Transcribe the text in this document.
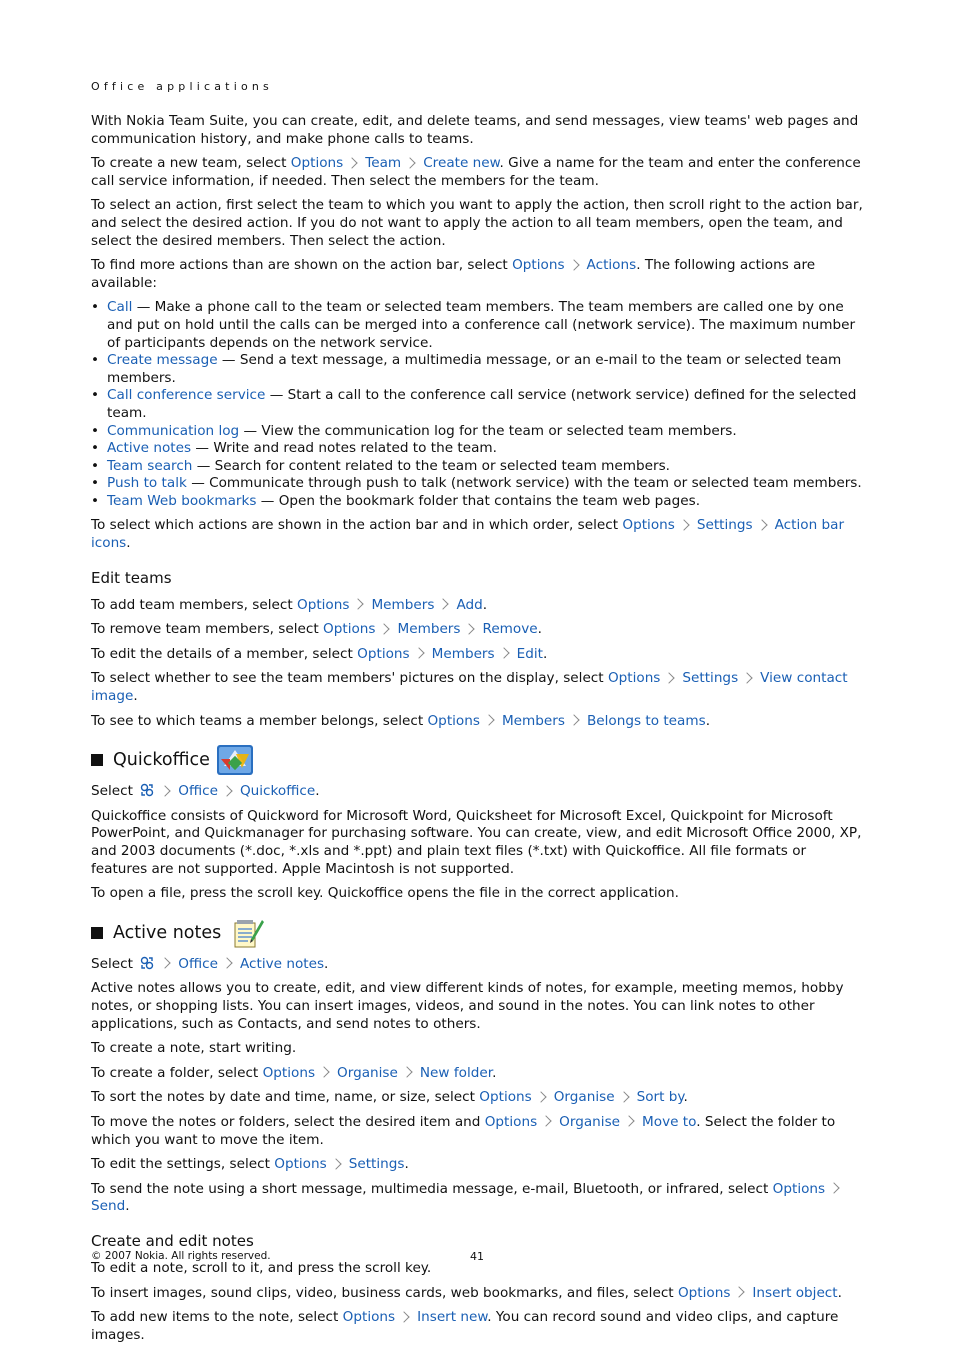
Office applications

With Nokia Team Suite, you can create, edit, and delete teams, and send messages, view teams' web pages and communication history, and make phone calls to teams.

To create a new team, select Options Team Create new. Give a name for the team and enter the conference call service information, if needed. Then select the members for the team.

To select an action, first select the team to which you want to apply the action, then scroll right to the action bar, and select the desired action. If you do not want to apply the action to all team members, open the team, and select the desired members. Then select the action.

To find more actions than are shown on the action bar, select Options Actions. The following actions are available:

• Call — Make a phone call to the team or selected team members. The team members are called one by one and put on hold until the calls can be merged into a conference call (network service). The maximum number of participants depends on the network service.
• Create message — Send a text message, a multimedia message, or an e-mail to the team or selected team members.
• Call conference service — Start a call to the conference call service (network service) defined for the selected team.
• Communication log — View the communication log for the team or selected team members.
• Active notes — Write and read notes related to the team.
• Team search — Search for content related to the team or selected team members.
• Push to talk — Communicate through push to talk (network service) with the team or selected team members.
• Team Web bookmarks — Open the bookmark folder that contains the team web pages.

To select which actions are shown in the action bar and in which order, select Options Settings Action bar icons.

Edit teams

To add team members, select Options Members Add.

To remove team members, select Options Members Remove.

To edit the details of a member, select Options Members Edit.

To select whether to see the team members' pictures on the display, select Options Settings View contact image.

To see to which teams a member belongs, select Options Members Belongs to teams.

Quickoffice

Select	Office Quickoffice.

Quickoffice consists of Quickword for Microsoft Word, Quicksheet for Microsoft Excel, Quickpoint for Microsoft PowerPoint, and Quickmanager for purchasing software. You can create, view, and edit Microsoft Office 2000, XP, and 2003 documents (*.doc, *.xls and *.ppt) and plain text files (*.txt) with Quickoffice. All file formats or features are not supported. Apple Macintosh is not supported.

To open a file, press the scroll key. Quickoffice opens the file in the correct application.

Active notes

Select	Office Active notes.

Active notes allows you to create, edit, and view different kinds of notes, for example, meeting memos, hobby notes, or shopping lists. You can insert images, videos, and sound in the notes. You can link notes to other applications, such as Contacts, and send notes to others.

To create a note, start writing.

To create a folder, select Options Organise New folder.

To sort the notes by date and time, name, or size, select Options Organise Sort by.

To move the notes or folders, select the desired item and Options Organise Move to. Select the folder to which you want to move the item.

To edit the settings, select Options Settings.

To send the note using a short message, multimedia message, e-mail, Bluetooth, or infrared, select OptionsSend.

Create and edit notes

To edit a note, scroll to it, and press the scroll key.

To insert images, sound clips, video, business cards, web bookmarks, and files, select Options Insert object.

To add new items to the note, select Options Insert new. You can record sound and video clips, and capture images.

© 2007 Nokia. All rights reserved.	41
